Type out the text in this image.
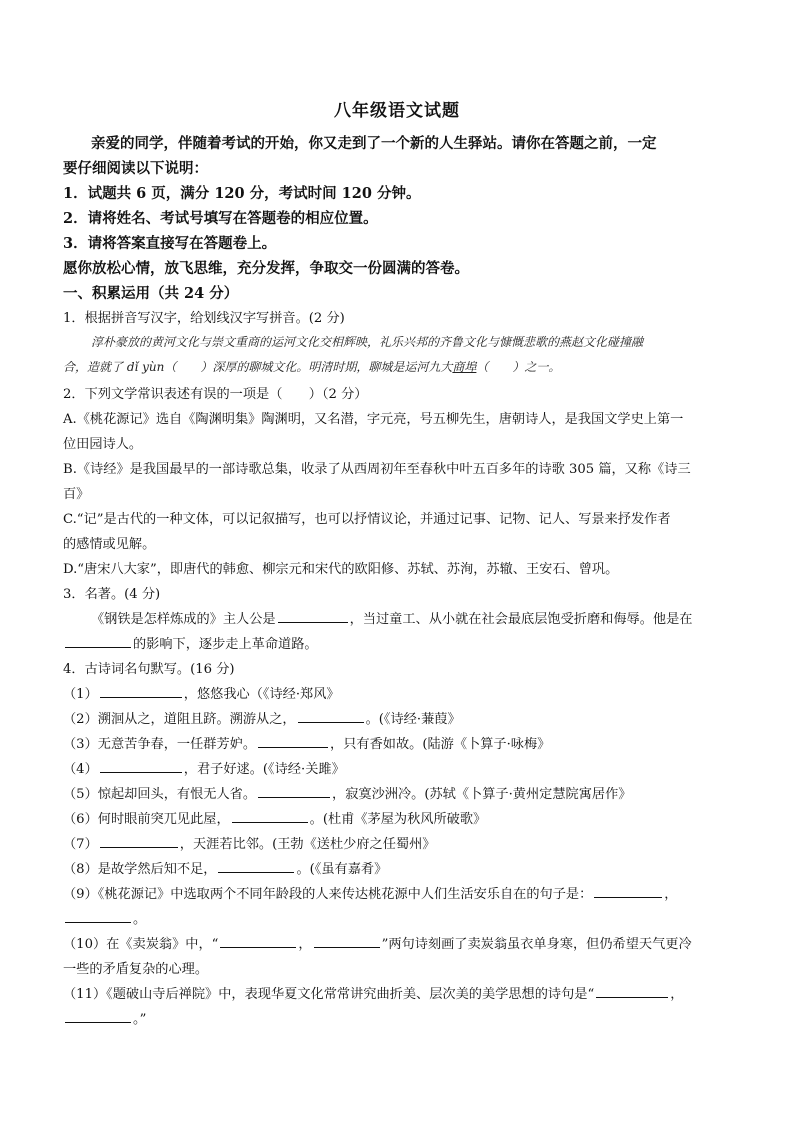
八年级语文试题
亲爱的同学，伴随着考试的开始，你又走到了一个新的人生驿站。请你在答题之前，一定
要仔细阅读以下说明：
1．试题共 6 页，满分 120 分，考试时间 120 分钟。
2．请将姓名、考试号填写在答题卷的相应位置。
3．请将答案直接写在答题卷上。
愿你放松心情，放飞思维，充分发挥，争取交一份圆满的答卷。
一、积累运用（共 24 分）
1．根据拼音写汉字，给划线汉字写拼音。(2 分)
淳朴豪放的黄河文化与崇文重商的运河文化交相辉映，礼乐兴邦的齐鲁文化与慷慨悲歌的燕赵文化碰撞融
合，造就了 dǐ yùn（　　）深厚的聊城文化。明清时期，聊城是运河九大商埠（　　）之一。
2．下列文学常识表述有误的一项是（　　）（2 分）
A.《桃花源记》选自《陶渊明集》陶渊明，又名潜，字元亮，号五柳先生，唐朝诗人，是我国文学史上第一
位田园诗人。
B.《诗经》是我国最早的一部诗歌总集，收录了从西周初年至春秋中叶五百多年的诗歌 305 篇，又称《诗三
百》
C.“记”是古代的一种文体，可以记叙描写，也可以抒情议论，并通过记事、记物、记人、写景来抒发作者
的感情或见解。
D.“唐宋八大家”，即唐代的韩愈、柳宗元和宋代的欧阳修、苏轼、苏洵，苏辙、王安石、曾巩。
3．名著。(4 分)
《钢铁是怎样炼成的》主人公是	，当过童工、从小就在社会最底层饱受折磨和侮辱。他是在
的影响下，逐步走上革命道路。
4．古诗词名句默写。(16 分)
（1）	，悠悠我心（《诗经·郑风》
（2）溯洄从之，道阻且跻。溯游从之，	。(《诗经·蒹葭》
（3）无意苦争春，一任群芳妒。	，只有香如故。(陆游《卜算子·咏梅》
（4）	，君子好逑。(《诗经·关雎》
（5）惊起却回头，有恨无人省。	，寂寞沙洲冷。(苏轼《卜算子·黄州定慧院寓居作》
（6）何时眼前突兀见此屋，	。(杜甫《茅屋为秋风所破歌》
（7）	，天涯若比邻。(王勃《送杜少府之任蜀州》
（8）是故学然后知不足，	。(《虽有嘉肴》
（9）《桃花源记》中选取两个不同年龄段的人来传达桃花源中人们生活安乐自在的句子是：	，
。
（10）在《卖炭翁》中，“	，	”两句诗刻画了卖炭翁虽衣单身寒，但仍希望天气更冷
一些的矛盾复杂的心理。
（11）《题破山寺后禅院》中，表现华夏文化常常讲究曲折美、层次美的美学思想的诗句是“	，
。”
